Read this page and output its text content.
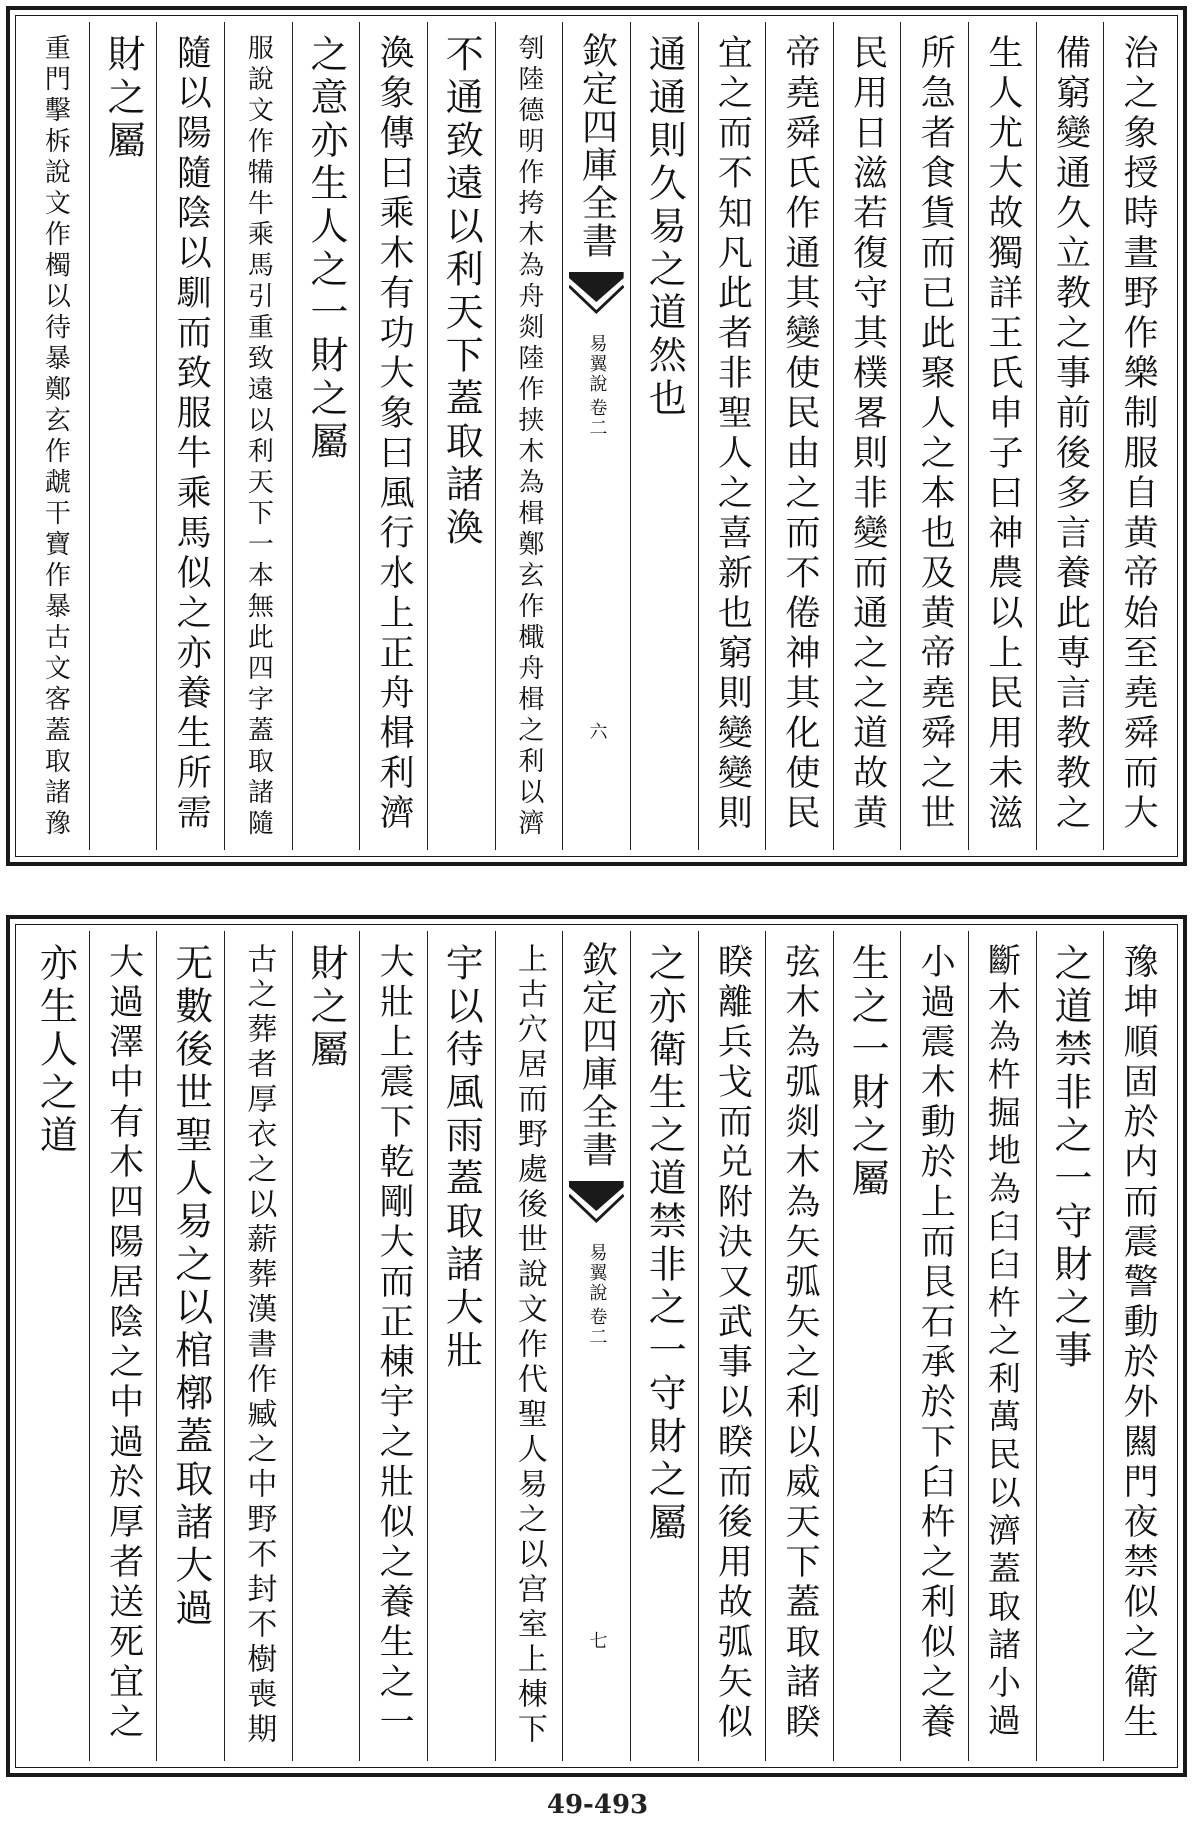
治之象授時晝野作樂制服自黄帝始至堯舜而大
備窮變通久立教之事前後多言養此専言教教之
生人尤大故獨詳王氏申子曰神農以上民用未滋
所急者食貨而已此聚人之本也及黄帝堯舜之世
民用日滋若復守其樸畧則非變而通之之道故黄
帝堯舜氏作通其變使民由之而不倦神其化使民
宜之而不知凡此者非聖人之喜新也窮則變變則
通通則久易之道然也
欽定四庫全書
易翼說
卷二
六
刳陸德明作挎木為舟剡陸作挟木為楫鄭玄作檝舟楫之利以濟
不通致遠以利天下蓋取諸渙
渙象傳曰乘木有功大象曰風行水上正舟楫利濟
之意亦生人之一財之屬
服說文作犕牛乘馬引重致遠以利天下一本無此四字蓋取諸隨
隨以陽隨陰以馴而致服牛乘馬似之亦養生所需
財之屬
重門擊柝說文作㯮以待暴鄭玄作虣干寶作暴古文客蓋取諸豫
豫坤順固於内而震警動於外闗門夜禁似之衛生
之道禁非之一守財之事
斷木為杵掘地為臼臼杵之利萬民以濟蓋取諸小過
小過震木動於上而艮石承於下臼杵之利似之養
生之一財之屬
弦木為弧剡木為矢弧矢之利以威天下蓋取諸睽
睽離兵戈而兑附決又武事以睽而後用故弧矢似
之亦衛生之道禁非之一守財之屬
欽定四庫全書
易翼說
卷二
七
上古穴居而野處後世說文作代聖人易之以宫室上棟下
宇以待風雨蓋取諸大壯
大壯上震下乾剛大而正棟宇之壯似之養生之一
財之屬
古之葬者厚衣之以薪葬漢書作臧之中野不封不樹喪期
无數後世聖人易之以棺槨蓋取諸大過
大過澤中有木四陽居陰之中過於厚者送死宜之
亦生人之道
49-493
